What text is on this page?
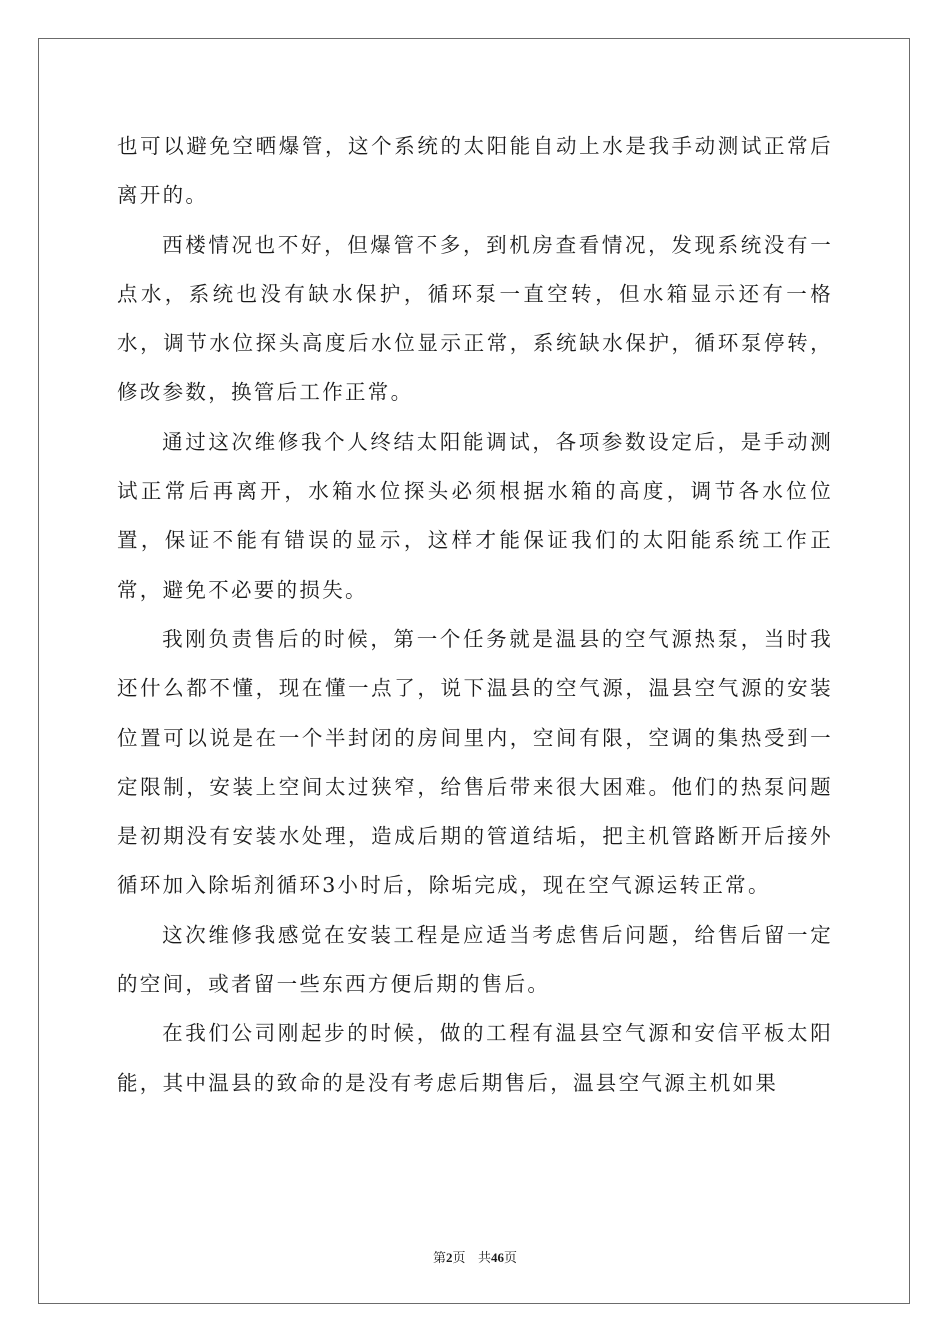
也可以避免空晒爆管，这个系统的太阳能自动上水是我手动测试正常后离开的。

西楼情况也不好，但爆管不多，到机房查看情况，发现系统没有一点水，系统也没有缺水保护，循环泵一直空转，但水箱显示还有一格水，调节水位探头高度后水位显示正常，系统缺水保护，循环泵停转，修改参数，换管后工作正常。

通过这次维修我个人终结太阳能调试，各项参数设定后，是手动测试正常后再离开，水箱水位探头必须根据水箱的高度，调节各水位位置，保证不能有错误的显示，这样才能保证我们的太阳能系统工作正常，避免不必要的损失。

我刚负责售后的时候，第一个任务就是温县的空气源热泵，当时我还什么都不懂，现在懂一点了，说下温县的空气源，温县空气源的安装位置可以说是在一个半封闭的房间里内，空间有限，空调的集热受到一定限制，安装上空间太过狭窄，给售后带来很大困难。他们的热泵问题是初期没有安装水处理，造成后期的管道结垢，把主机管路断开后接外循环加入除垢剂循环3小时后，除垢完成，现在空气源运转正常。

这次维修我感觉在安装工程是应适当考虑售后问题，给售后留一定的空间，或者留一些东西方便后期的售后。

在我们公司刚起步的时候，做的工程有温县空气源和安信平板太阳能，其中温县的致命的是没有考虑后期售后，温县空气源主机如果

第2页 共46页
